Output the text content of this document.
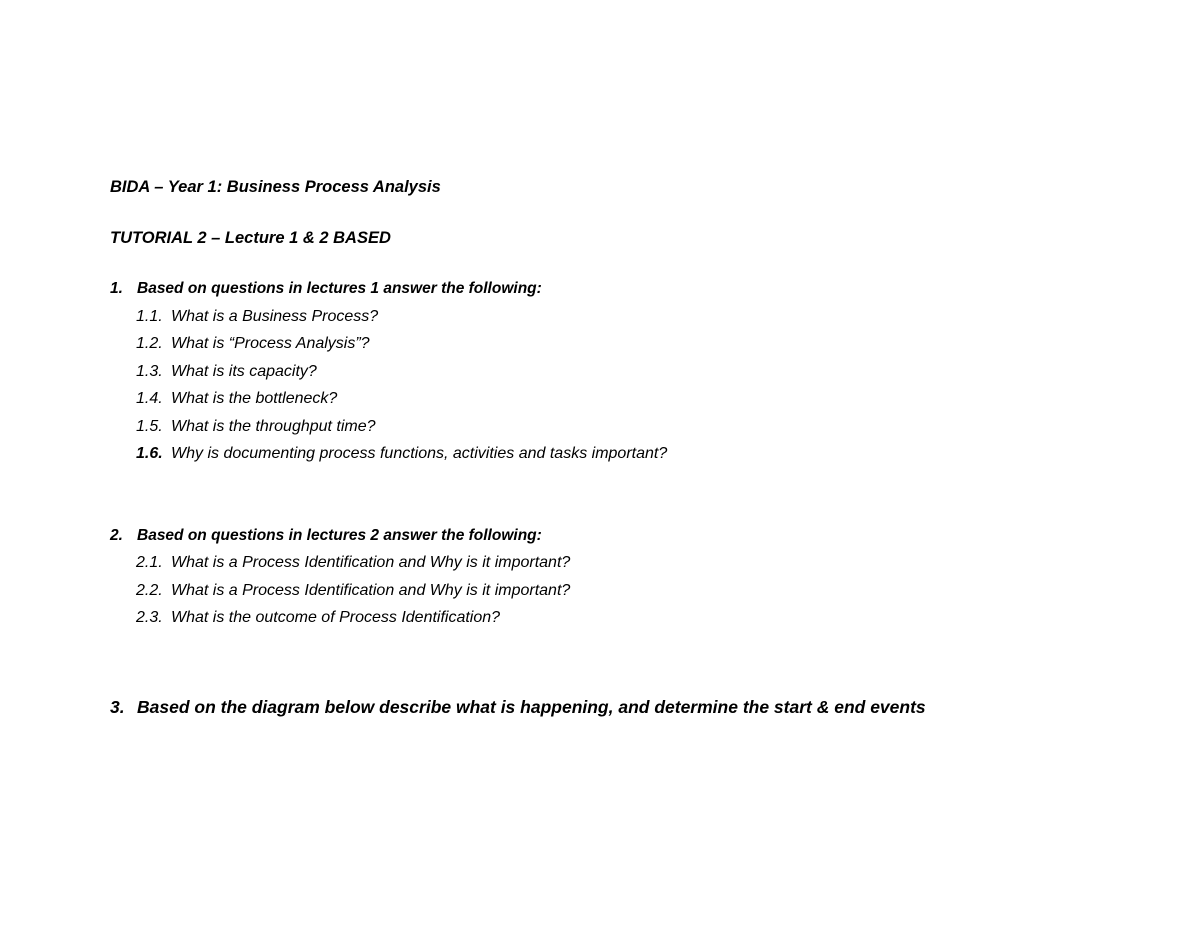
BIDA – Year 1: Business Process Analysis
TUTORIAL 2 – Lecture 1 & 2 BASED
1. Based on questions in lectures 1 answer the following:
1.1. What is a Business Process?
1.2. What is “Process Analysis”?
1.3. What is its capacity?
1.4. What is the bottleneck?
1.5. What is the throughput time?
1.6. Why is documenting process functions, activities and tasks important?
2. Based on questions in lectures 2 answer the following:
2.1. What is a Process Identification and Why is it important?
2.2. What is a Process Identification and Why is it important?
2.3. What is the outcome of Process Identification?
3. Based on the diagram below describe what is happening, and determine the start & end events
